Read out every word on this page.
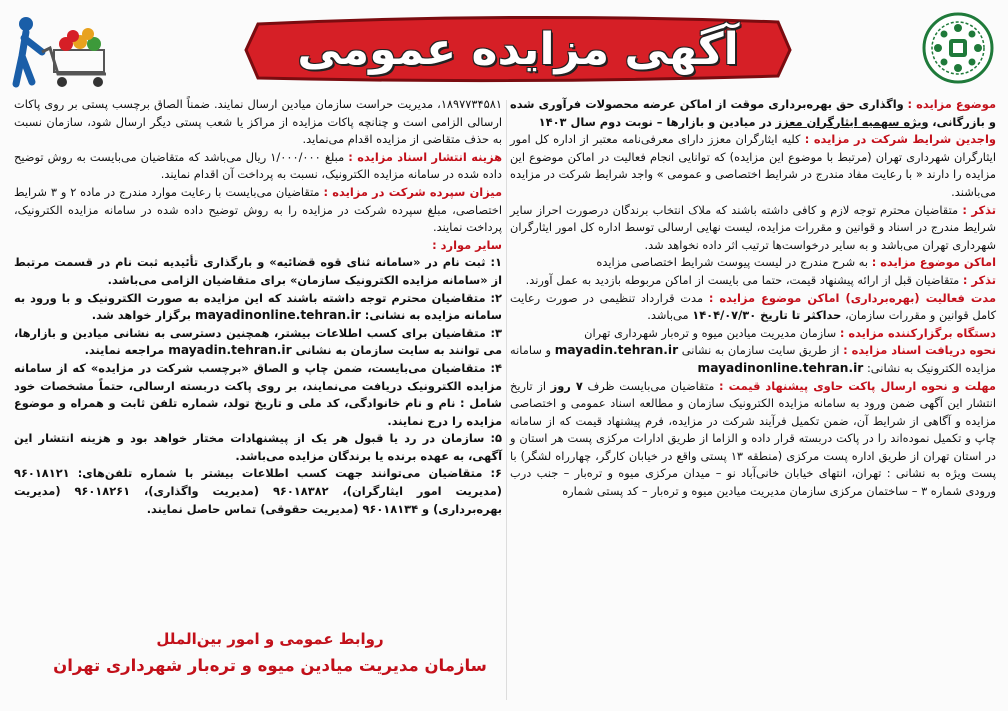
آگهی مزایده عمومی

موضوع مزایده : واگذاری حق بهره‌برداری موقت از اماکن عرضه محصولات فرآوری شده و بازرگانی، ویژه سهمیه ایثارگران معزز در میادین و بازارها – نوبت دوم سال ۱۴۰۳

واجدین شرایط شرکت در مزایده : کلیه ایثارگران معزز دارای معرفی‌نامه معتبر از اداره کل امور ایثارگران شهرداری تهران (مرتبط با موضوع این مزایده) که توانایی انجام فعالیت در اماکن موضوع این مزایده را دارند « با رعایت مفاد مندرج در شرایط اختصاصی و عمومی » واجد شرایط شرکت در مزایده می‌باشند.

تذکر : متقاضیان محترم توجه لازم و کافی داشته باشند که ملاک انتخاب برندگان درصورت احراز سایر شرایط مندرج در اسناد و قوانین و مقررات مزایده، لیست نهایی ارسالی توسط اداره کل امور ایثارگران شهرداری تهران می‌باشد و به سایر درخواست‌ها ترتیب اثر داده نخواهد شد.

اماکن موضوع مزایده : به شرح مندرج در لیست پیوست شرایط اختصاصی مزایده

تذکر : متقاضیان قبل از ارائه پیشنهاد قیمت، حتما می بایست از اماکن مربوطه بازدید به عمل آورند.

مدت فعالیت (بهره‌برداری) اماکن موضوع مزایده : مدت قرارداد تنظیمی در صورت رعایت کامل قوانین و مقررات سازمان، حداکثر تا تاریخ ۱۴۰۴/۰۷/۳۰ می‌باشد.

دستگاه برگزارکننده مزایده : سازمان مدیریت میادین میوه و تره‌بار شهرداری تهران

نحوه دریافت اسناد مزایده : از طریق سایت سازمان به نشانی mayadin.tehran.ir و سامانه مزایده الکترونیک به نشانی: mayadinonline.tehran.ir

مهلت و نحوه ارسال پاکت حاوی پیشنهاد قیمت : متقاضیان می‌بایست ظرف ۷ روز از تاریخ انتشار این آگهی ضمن ورود به سامانه مزایده الکترونیک سازمان و مطالعه اسناد عمومی و اختصاصی مزایده و آگاهی از شرایط آن، ضمن تکمیل فرآیند شرکت در مزایده، فرم پیشنهاد قیمت که از سامانه چاپ و تکمیل نموده‌اند را در پاکت دربسته قرار داده و الزاما از طریق ادارات مرکزی پست هر استان و در استان تهران از طریق اداره پست مرکزی (منطقه ۱۳ پستی واقع در خیابان کارگر، چهارراه لشگر) با پست ویژه به نشانی : تهران، انتهای خیابان خانی‌آباد نو – میدان مرکزی میوه و تره‌بار – جنب درب ورودی شماره ۳ – ساختمان مرکزی سازمان مدیریت میادین میوه و تره‌بار – کد پستی شماره

۱۸۹۷۷۳۴۵۸۱، مدیریت حراست سازمان میادین ارسال نمایند. ضمناً الصاق برچسب پستی بر روی پاکات ارسالی الزامی است و چنانچه پاکات مزایده از مراکز یا شعب پستی دیگر ارسال شود، سازمان نسبت به حذف متقاضی از مزایده اقدام می‌نماید.

هزینه انتشار اسناد مزایده : مبلغ ۱/۰۰۰/۰۰۰ ریال می‌باشد که متقاضیان می‌بایست به روش توضیح داده شده در سامانه مزایده الکترونیک، نسبت به پرداخت آن اقدام نمایند.

میزان سپرده شرکت در مزایده : متقاضیان می‌بایست با رعایت موارد مندرج در ماده ۲ و ۳ شرایط اختصاصی، مبلغ سپرده شرکت در مزایده را به روش توضیح داده شده در سامانه مزایده الکترونیک، پرداخت نمایند.

سایر موارد :

۱: ثبت نام در «سامانه ثنای قوه قضائیه» و بارگذاری تأئیدیه ثبت نام در قسمت مرتبط از «سامانه مزایده الکترونیک سازمان» برای متقاضیان الزامی می‌باشد.

۲: متقاضیان محترم توجه داشته باشند که این مزایده به صورت الکترونیک و با ورود به سامانه مزایده به نشانی: mayadinonline.tehran.ir برگزار خواهد شد.

۳: متقاضیان برای کسب اطلاعات بیشتر، همچنین دسترسی به نشانی میادین و بازارها، می توانند به سایت سازمان به نشانی mayadin.tehran.ir مراجعه نمایند.

۴: متقاضیان می‌بایست، ضمن چاپ و الصاق «برچسب شرکت در مزایده» که از سامانه مزایده الکترونیک دریافت می‌نمایند، بر روی پاکت دربسته ارسالی، حتماً مشخصات خود شامل : نام و نام خانوادگی، کد ملی و تاریخ تولد، شماره تلفن ثابت و همراه و موضوع مزایده را درج نمایند.

۵: سازمان در رد یا قبول هر یک از پیشنهادات مختار خواهد بود و هزینه انتشار این آگهی، به عهده برنده یا برندگان مزایده می‌باشد.

۶: متقاضیان می‌توانند جهت کسب اطلاعات بیشتر با شماره تلفن‌های: ۹۶۰۱۸۱۲۱ (مدیریت امور ایثارگران)، ۹۶۰۱۸۳۸۲ (مدیریت واگذاری)، ۹۶۰۱۸۲۶۱ (مدیریت بهره‌برداری) و ۹۶۰۱۸۱۳۴ (مدیریت حقوقی) تماس حاصل نمایند.

روابط عمومی و امور بین‌الملل
سازمان مدیریت میادین میوه و تره‌بار شهرداری تهران
